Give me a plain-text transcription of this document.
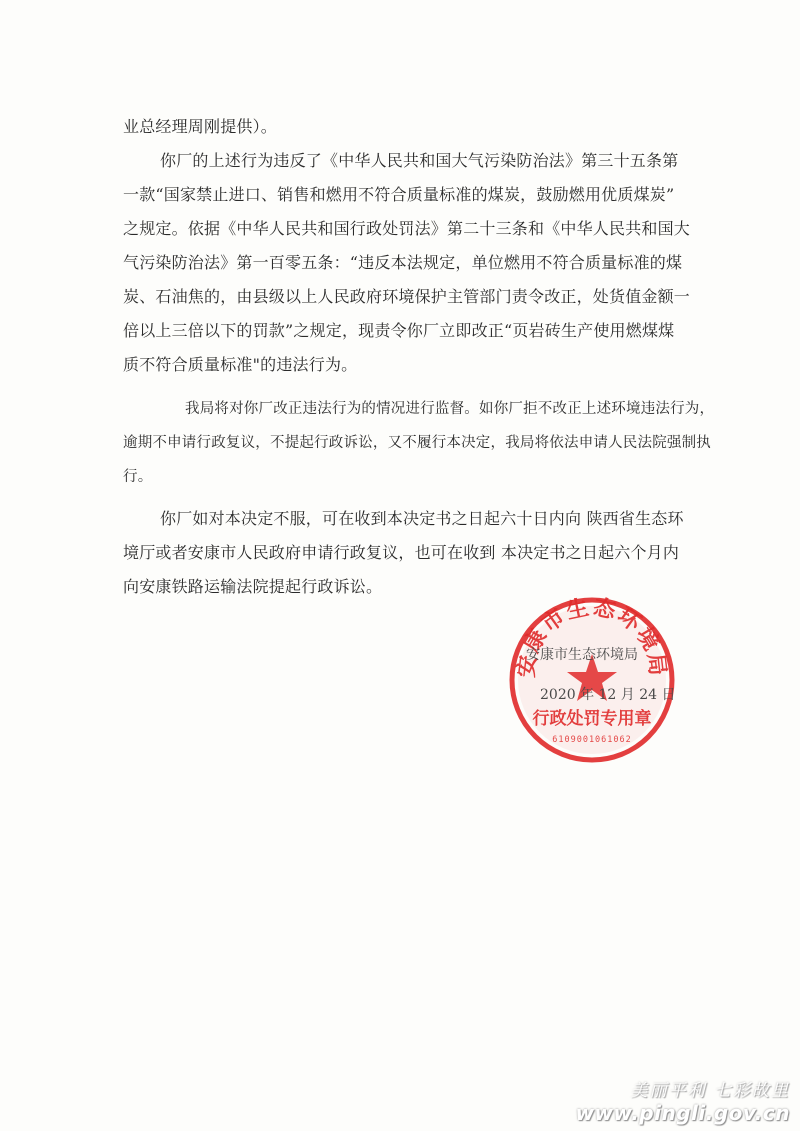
业总经理周刚提供）。
你厂的上述行为违反了《中华人民共和国大气污染防治法》第三十五条第
一款“国家禁止进口、销售和燃用不符合质量标准的煤炭，鼓励燃用优质煤炭”
之规定。依据《中华人民共和国行政处罚法》第二十三条和《中华人民共和国大
气污染防治法》第一百零五条：“违反本法规定，单位燃用不符合质量标准的煤
炭、石油焦的，由县级以上人民政府环境保护主管部门责令改正，处货值金额一
倍以上三倍以下的罚款”之规定，现责令你厂立即改正“页岩砖生产使用燃煤煤
质不符合质量标准"的违法行为。
我局将对你厂改正违法行为的情况进行监督。如你厂拒不改正上述环境违法行为，
逾期不申请行政复议，不提起行政诉讼，又不履行本决定，我局将依法申请人民法院强制执
行。
你厂如对本决定不服，可在收到本决定书之日起六十日内向 陕西省生态环
境厅或者安康市人民政府申请行政复议，也可在收到 本决定书之日起六个月内
向安康铁路运输法院提起行政诉讼。
安康市生态环境局
行政处罚专用章
6109001061062
安康市生态环境局
2020 年 12 月 24 日
美丽平利 七彩故里
www.pingli.gov.cn
